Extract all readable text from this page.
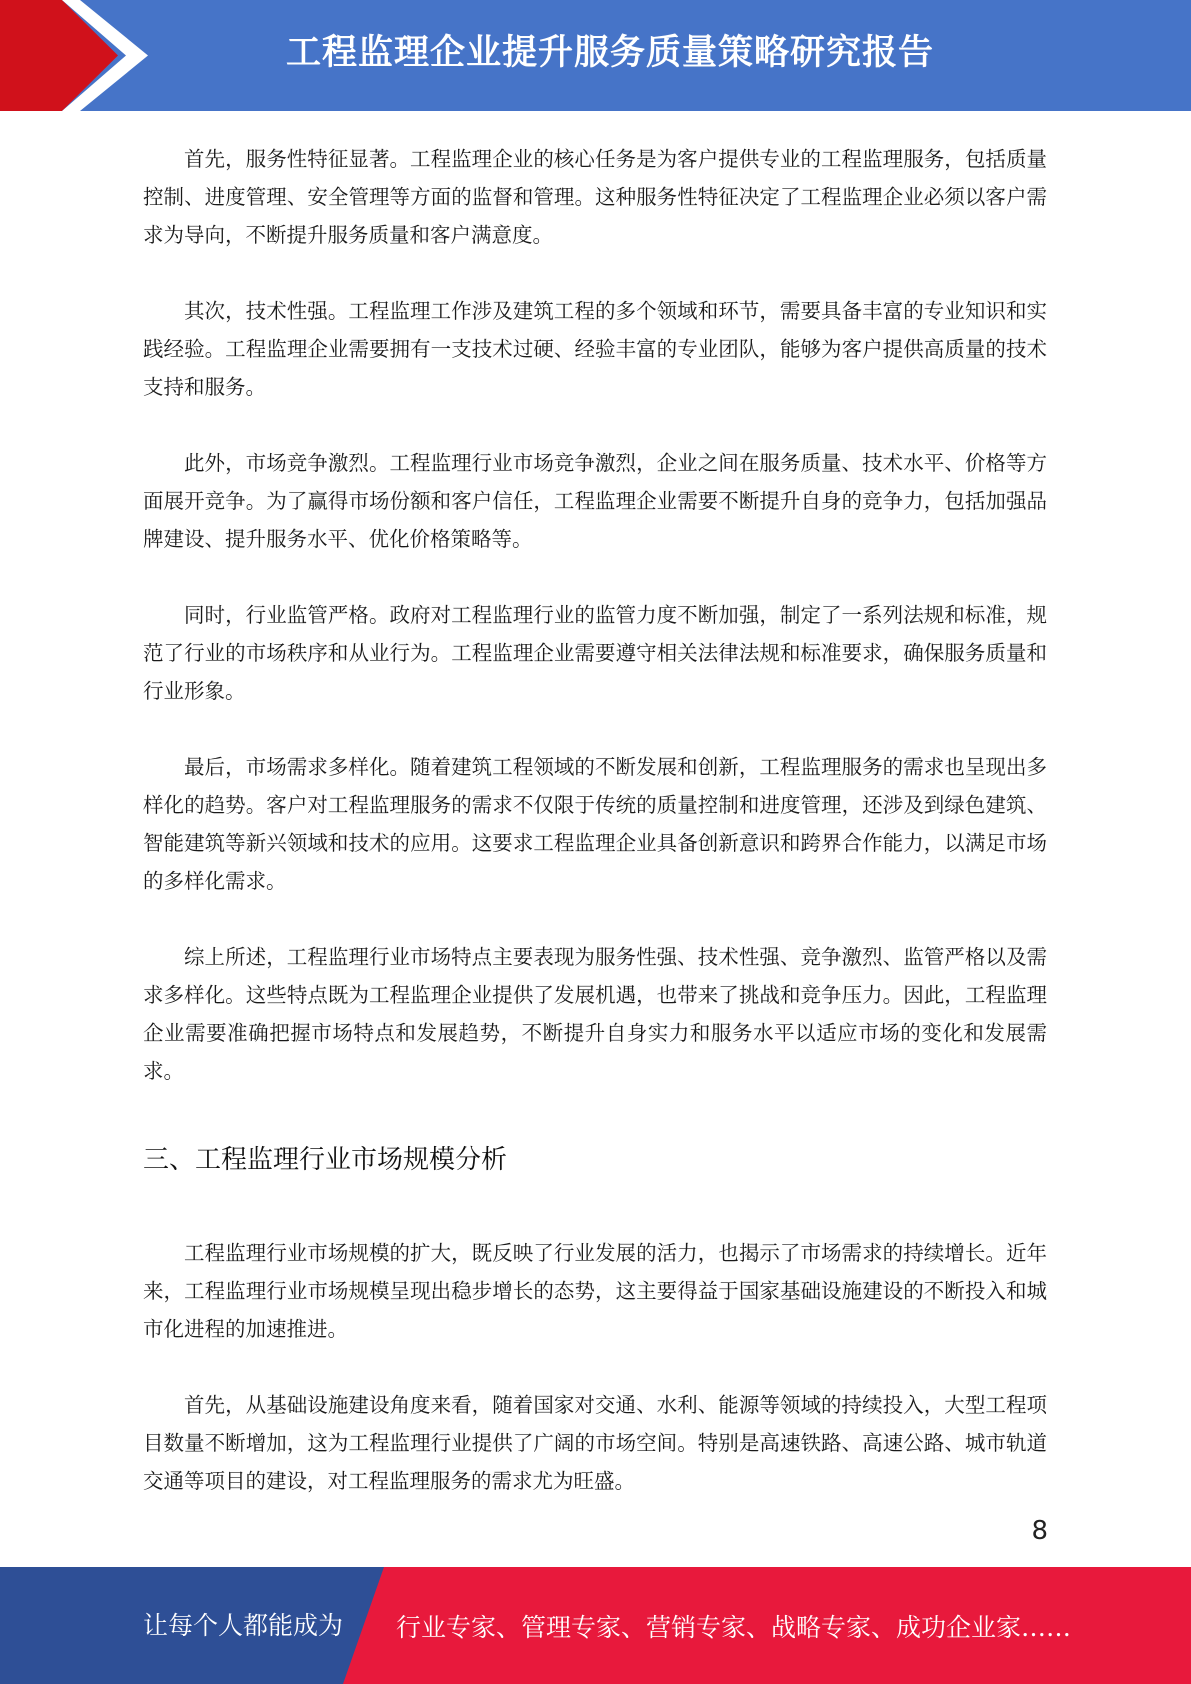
工程监理企业提升服务质量策略研究报告

首先，服务性特征显著。工程监理企业的核心任务是为客户提供专业的工程监理服务，包括质量控制、进度管理、安全管理等方面的监督和管理。这种服务性特征决定了工程监理企业必须以客户需求为导向，不断提升服务质量和客户满意度。

其次，技术性强。工程监理工作涉及建筑工程的多个领域和环节，需要具备丰富的专业知识和实践经验。工程监理企业需要拥有一支技术过硬、经验丰富的专业团队，能够为客户提供高质量的技术支持和服务。

此外，市场竞争激烈。工程监理行业市场竞争激烈，企业之间在服务质量、技术水平、价格等方面展开竞争。为了赢得市场份额和客户信任，工程监理企业需要不断提升自身的竞争力，包括加强品牌建设、提升服务水平、优化价格策略等。

同时，行业监管严格。政府对工程监理行业的监管力度不断加强，制定了一系列法规和标准，规范了行业的市场秩序和从业行为。工程监理企业需要遵守相关法律法规和标准要求，确保服务质量和行业形象。

最后，市场需求多样化。随着建筑工程领域的不断发展和创新，工程监理服务的需求也呈现出多样化的趋势。客户对工程监理服务的需求不仅限于传统的质量控制和进度管理，还涉及到绿色建筑、智能建筑等新兴领域和技术的应用。这要求工程监理企业具备创新意识和跨界合作能力，以满足市场的多样化需求。

综上所述，工程监理行业市场特点主要表现为服务性强、技术性强、竞争激烈、监管严格以及需求多样化。这些特点既为工程监理企业提供了发展机遇，也带来了挑战和竞争压力。因此，工程监理企业需要准确把握市场特点和发展趋势，不断提升自身实力和服务水平以适应市场的变化和发展需求。

三、工程监理行业市场规模分析

工程监理行业市场规模的扩大，既反映了行业发展的活力，也揭示了市场需求的持续增长。近年来，工程监理行业市场规模呈现出稳步增长的态势，这主要得益于国家基础设施建设的不断投入和城市化进程的加速推进。

首先，从基础设施建设角度来看，随着国家对交通、水利、能源等领域的持续投入，大型工程项目数量不断增加，这为工程监理行业提供了广阔的市场空间。特别是高速铁路、高速公路、城市轨道交通等项目的建设，对工程监理服务的需求尤为旺盛。

8
让每个人都能成为 行业专家、管理专家、营销专家、战略专家、成功企业家……
